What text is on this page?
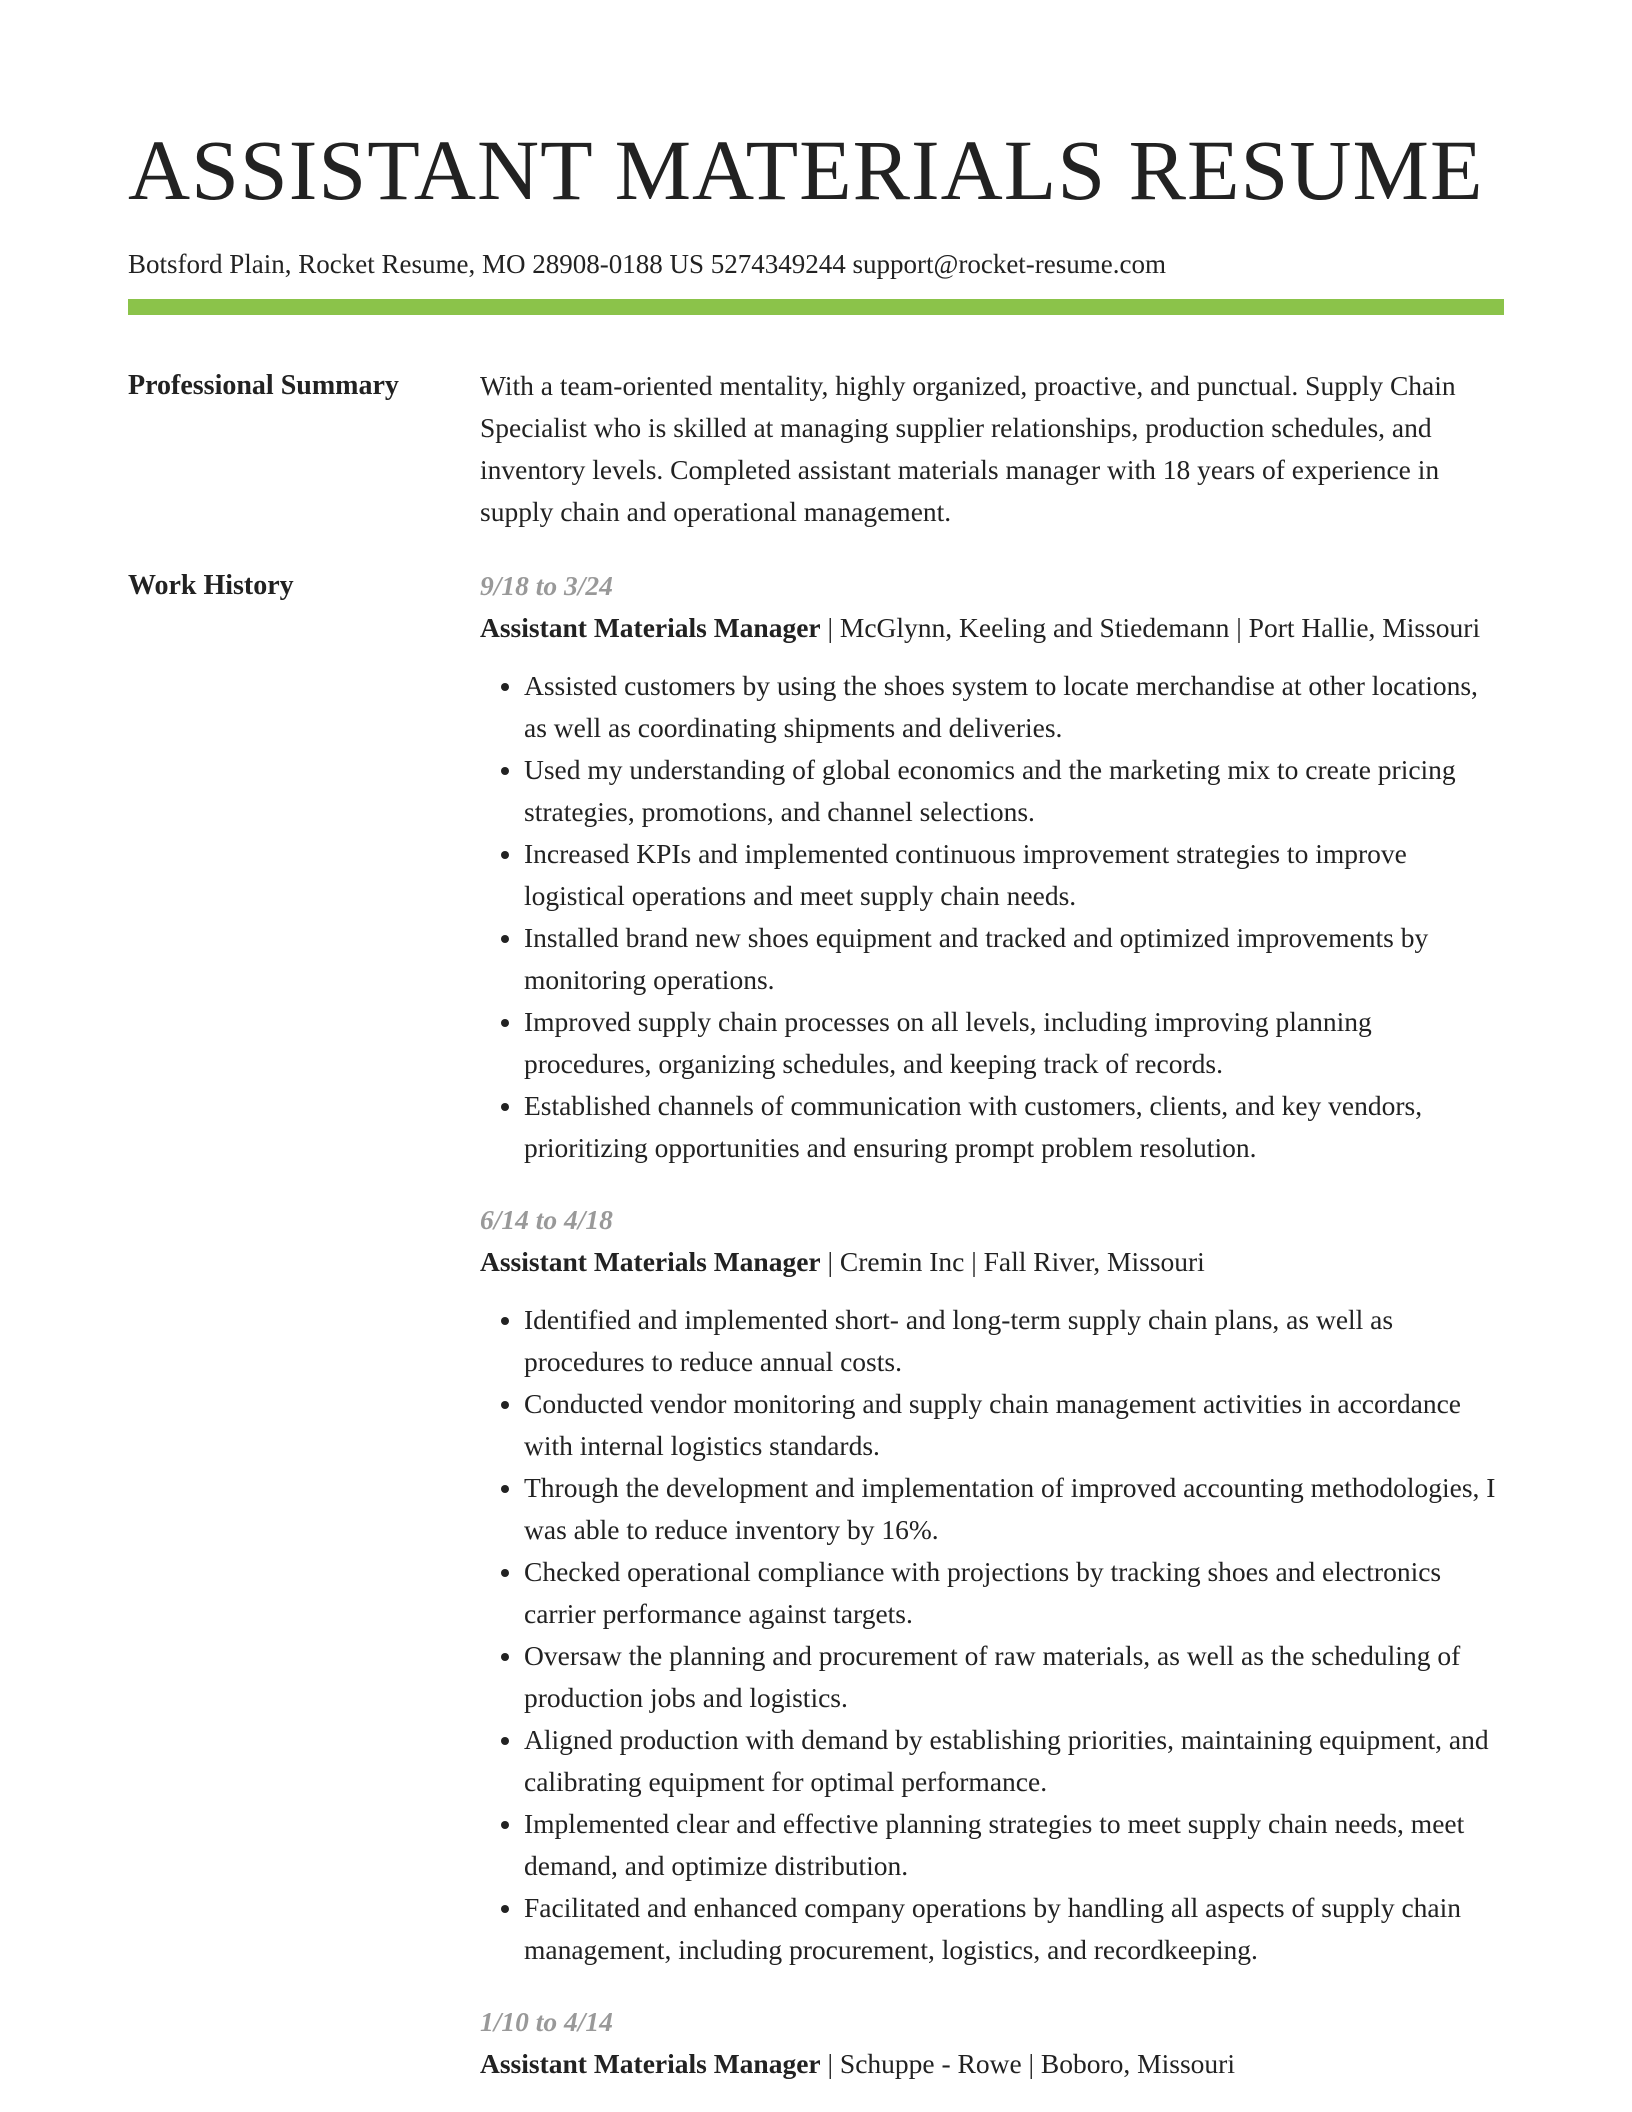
ASSISTANT MATERIALS RESUME
Botsford Plain, Rocket Resume, MO 28908-0188 US 5274349244 support@rocket-resume.com
Professional Summary	With a team-oriented mentality, highly organized, proactive, and punctual. Supply Chain Specialist who is skilled at managing supplier relationships, production schedules, and inventory levels. Completed assistant materials manager with 18 years of experience in supply chain and operational management.

Work History	9/18 to 3/24

Assistant Materials Manager | McGlynn, Keeling and Stiedemann | Port Hallie, Missouri

• Assisted customers by using the shoes system to locate merchandise at other locations, as well as coordinating shipments and deliveries.
• Used my understanding of global economics and the marketing mix to create pricing strategies, promotions, and channel selections.
• Increased KPIs and implemented continuous improvement strategies to improve logistical operations and meet supply chain needs.
• Installed brand new shoes equipment and tracked and optimized improvements by monitoring operations.
• Improved supply chain processes on all levels, including improving planning procedures, organizing schedules, and keeping track of records.
• Established channels of communication with customers, clients, and key vendors, prioritizing opportunities and ensuring prompt problem resolution.
6/14 to 4/18

Assistant Materials Manager | Cremin Inc | Fall River, Missouri

• Identified and implemented short- and long-term supply chain plans, as well as procedures to reduce annual costs.
• Conducted vendor monitoring and supply chain management activities in accordance with internal logistics standards.
• Through the development and implementation of improved accounting methodologies, I was able to reduce inventory by 16%.
• Checked operational compliance with projections by tracking shoes and electronics carrier performance against targets.
• Oversaw the planning and procurement of raw materials, as well as the scheduling of production jobs and logistics.
• Aligned production with demand by establishing priorities, maintaining equipment, and calibrating equipment for optimal performance.
• Implemented clear and effective planning strategies to meet supply chain needs, meet demand, and optimize distribution.
• Facilitated and enhanced company operations by handling all aspects of supply chain management, including procurement, logistics, and recordkeeping.
1/10 to 4/14

Assistant Materials Manager | Schuppe - Rowe | Boboro, Missouri
